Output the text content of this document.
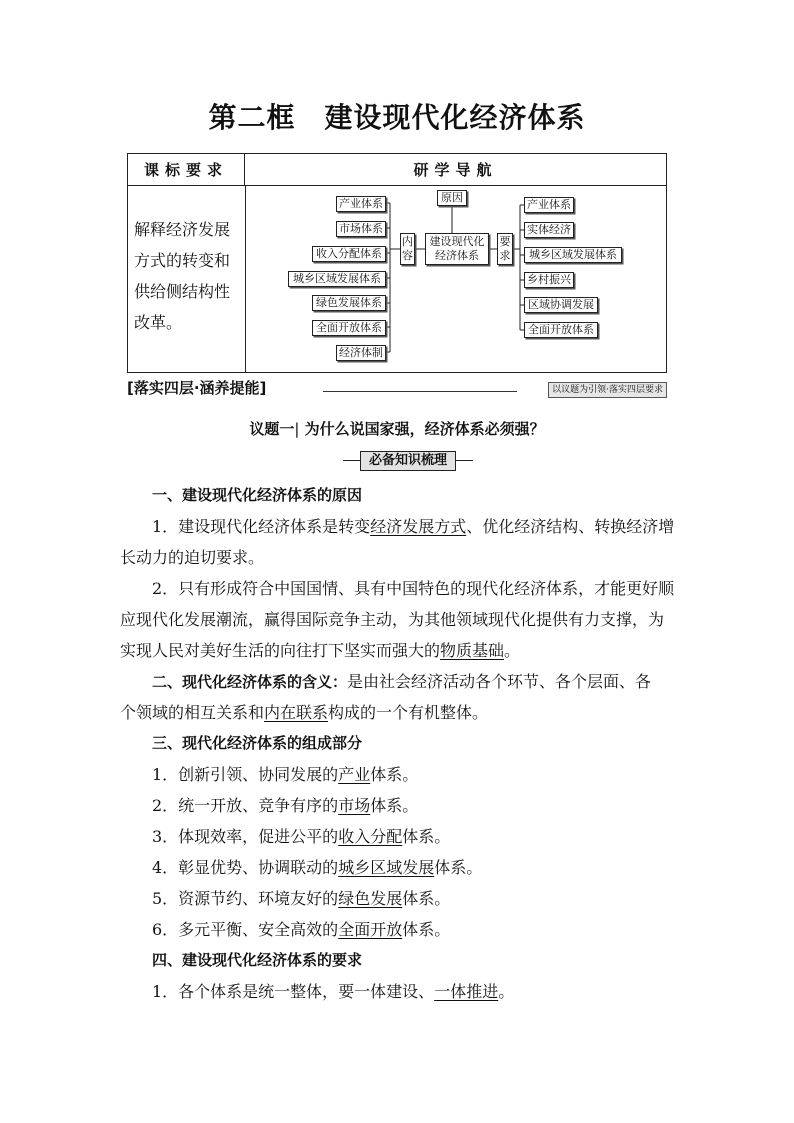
第二框　建设现代化经济体系
课标要求	研学导航
解释经济发展
方式的转变和
供给侧结构性
改革。
产业体系
市场体系
收入分配体系
城乡区域发展体系
绿色发展体系
全面开放体系
经济体制
内
容
原因
建设现代化
经济体系
要
求
产业体系
实体经济
城乡区域发展体系
乡村振兴
区域协调发展
全面开放体系
[落实四层·涵养提能]	以议题为引领·落实四层要求
议题一| 为什么说国家强，经济体系必须强？
必备知识梳理
一、建设现代化经济体系的原因
1．建设现代化经济体系是转变经济发展方式、优化经济结构、转换经济增
长动力的迫切要求。
2．只有形成符合中国国情、具有中国特色的现代化经济体系，才能更好顺
应现代化发展潮流，赢得国际竞争主动，为其他领域现代化提供有力支撑，为
实现人民对美好生活的向往打下坚实而强大的物质基础。
二、现代化经济体系的含义：是由社会经济活动各个环节、各个层面、各
个领域的相互关系和内在联系构成的一个有机整体。
三、现代化经济体系的组成部分
1．创新引领、协同发展的产业体系。
2．统一开放、竞争有序的市场体系。
3．体现效率，促进公平的收入分配体系。
4．彰显优势、协调联动的城乡区域发展体系。
5．资源节约、环境友好的绿色发展体系。
6．多元平衡、安全高效的全面开放体系。
四、建设现代化经济体系的要求
1．各个体系是统一整体，要一体建设、一体推进。
